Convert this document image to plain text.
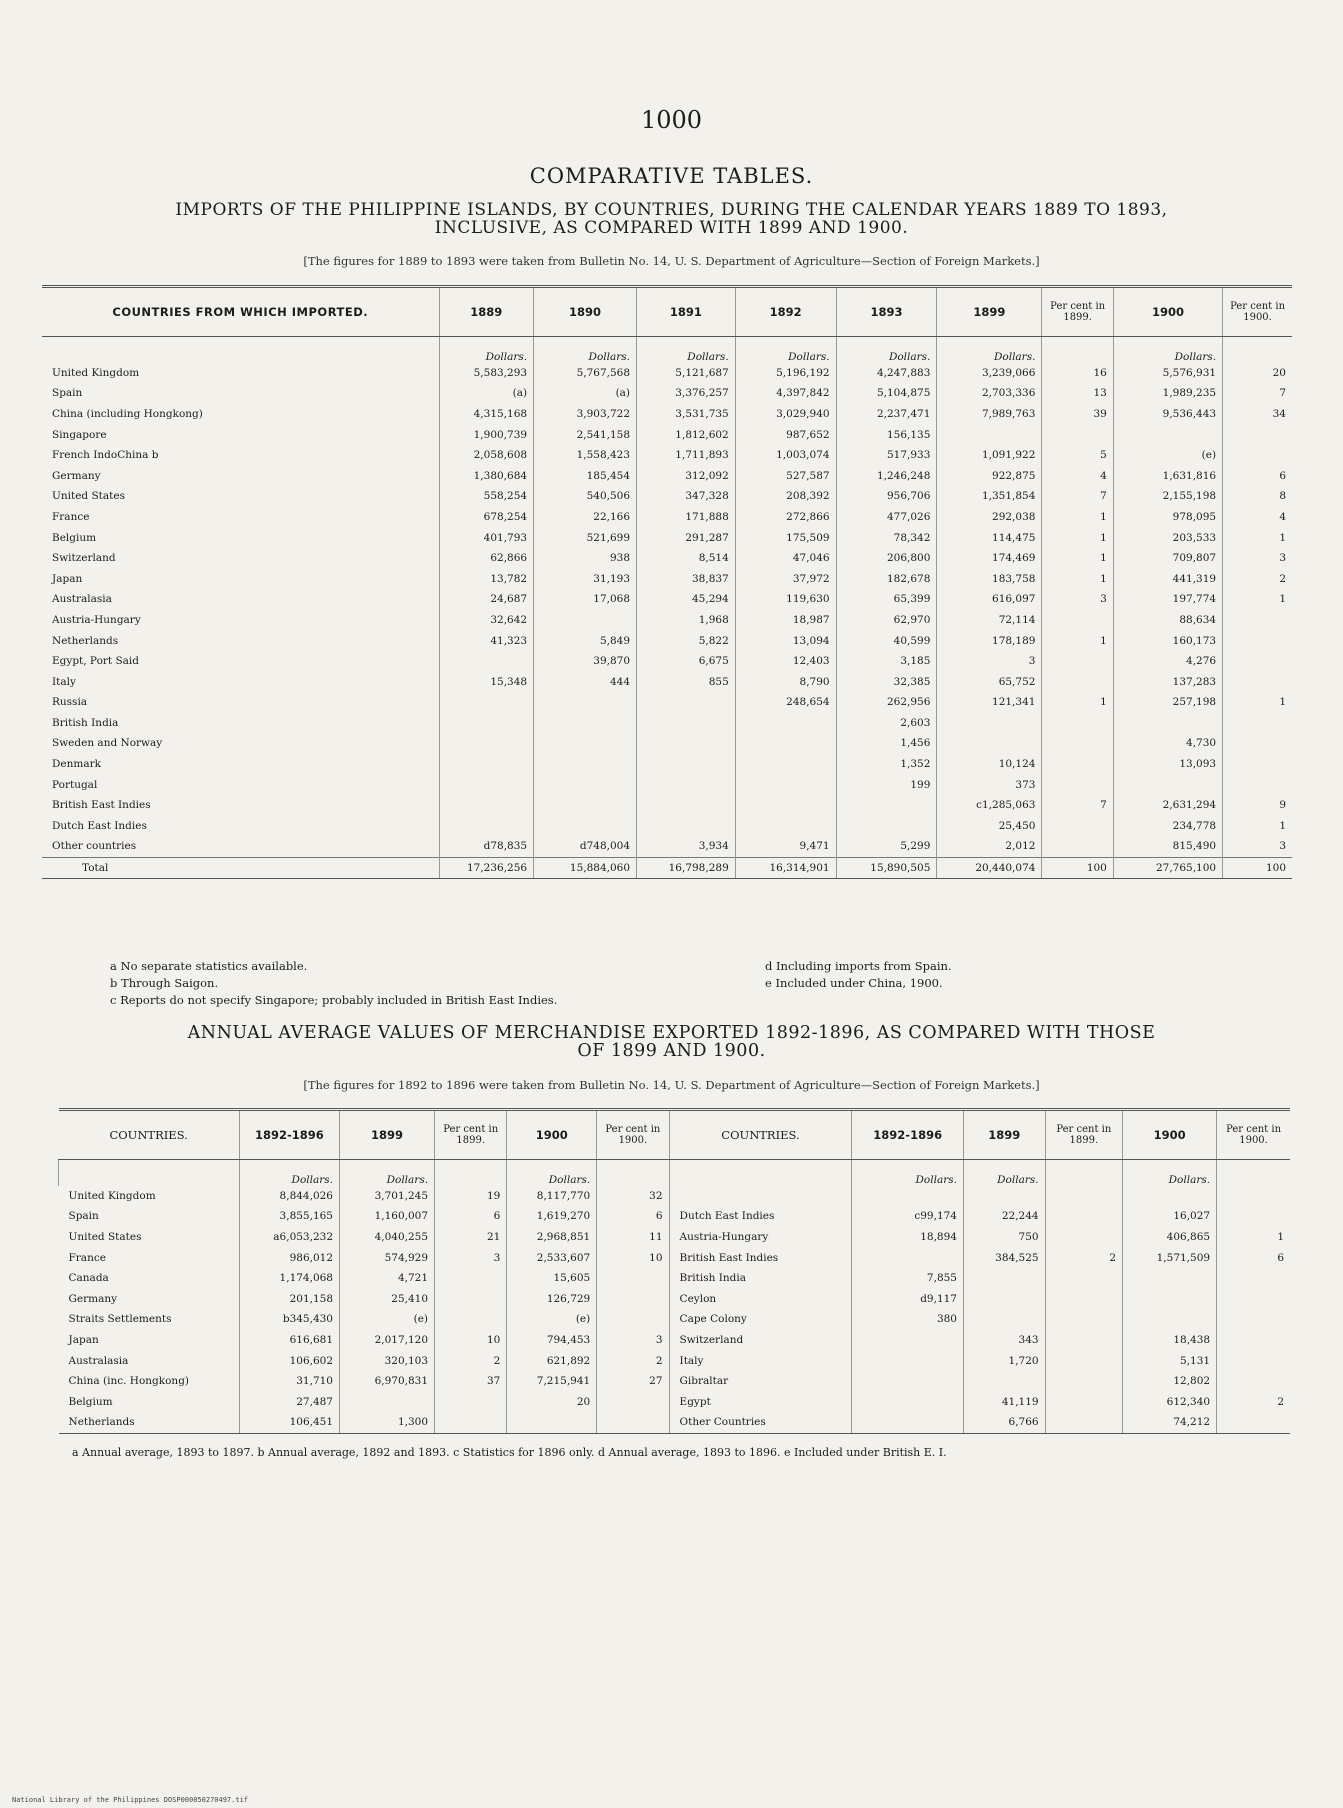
1000
COMPARATIVE TABLES.
IMPORTS OF THE PHILIPPINE ISLANDS, BY COUNTRIES, DURING THE CALENDAR YEARS 1889 TO 1893,
INCLUSIVE, AS COMPARED WITH 1899 AND 1900.
[The figures for 1889 to 1893 were taken from Bulletin No. 14, U. S. Department of Agriculture—Section of Foreign Markets.]
COUNTRIES FROM WHICH IMPORTED.	1889	1890	1891	1892	1893	1899	Per cent in 1899.	1900	Per cent in 1900.
	Dollars.	Dollars.	Dollars.	Dollars.	Dollars.	Dollars.		Dollars.	
United Kingdom	5,583,293	5,767,568	5,121,687	5,196,192	4,247,883	3,239,066	16	5,576,931	20
Spain	(a)	(a)	3,376,257	4,397,842	5,104,875	2,703,336	13	1,989,235	7
China (including Hongkong)	4,315,168	3,903,722	3,531,735	3,029,940	2,237,471	7,989,763	39	9,536,443	34
Singapore	1,900,739	2,541,158	1,812,602	987,652	156,135				
French IndoChina b	2,058,608	1,558,423	1,711,893	1,003,074	517,933	1,091,922	5	(e)	
Germany	1,380,684	185,454	312,092	527,587	1,246,248	922,875	4	1,631,816	6
United States	558,254	540,506	347,328	208,392	956,706	1,351,854	7	2,155,198	8
France	678,254	22,166	171,888	272,866	477,026	292,038	1	978,095	4
Belgium	401,793	521,699	291,287	175,509	78,342	114,475	1	203,533	1
Switzerland	62,866	938	8,514	47,046	206,800	174,469	1	709,807	3
Japan	13,782	31,193	38,837	37,972	182,678	183,758	1	441,319	2
Australasia	24,687	17,068	45,294	119,630	65,399	616,097	3	197,774	1
Austria-Hungary	32,642		1,968	18,987	62,970	72,114		88,634	
Netherlands	41,323	5,849	5,822	13,094	40,599	178,189	1	160,173	
Egypt, Port Said		39,870	6,675	12,403	3,185	3		4,276	
Italy	15,348	444	855	8,790	32,385	65,752		137,283	
Russia				248,654	262,956	121,341	1	257,198	1
British India					2,603				
Sweden and Norway					1,456			4,730	
Denmark					1,352	10,124		13,093	
Portugal					199	373			
British East Indies						c1,285,063	7	2,631,294	9
Dutch East Indies						25,450		234,778	1
Other countries	d78,835	d748,004	3,934	9,471	5,299	2,012		815,490	3
Total	17,236,256	15,884,060	16,798,289	16,314,901	15,890,505	20,440,074	100	27,765,100	100
a No separate statistics available.
b Through Saigon.
c Reports do not specify Singapore; probably included in British East Indies.
d Including imports from Spain.
e Included under China, 1900.
ANNUAL AVERAGE VALUES OF MERCHANDISE EXPORTED 1892-1896, AS COMPARED WITH THOSE
OF 1899 AND 1900.
[The figures for 1892 to 1896 were taken from Bulletin No. 14, U. S. Department of Agriculture—Section of Foreign Markets.]
COUNTRIES.	1892-1896	1899	Per cent in 1899.	1900	Per cent in 1900.	COUNTRIES.	1892-1896	1899	Per cent in 1899.	1900	Per cent in 1900.
	Dollars.	Dollars.		Dollars.			Dollars.	Dollars.		Dollars.	
United Kingdom	8,844,026	3,701,245	19	8,117,770	32						
Spain	3,855,165	1,160,007	6	1,619,270	6	Dutch East Indies	c99,174	22,244		16,027	
United States	a6,053,232	4,040,255	21	2,968,851	11	Austria-Hungary	18,894	750		406,865	1
France	986,012	574,929	3	2,533,607	10	British East Indies		384,525	2	1,571,509	6
Canada	1,174,068	4,721		15,605		British India	7,855				
Germany	201,158	25,410		126,729		Ceylon	d9,117				
Straits Settlements	b345,430	(e)		(e)		Cape Colony	380				
Japan	616,681	2,017,120	10	794,453	3	Switzerland		343		18,438	
Australasia	106,602	320,103	2	621,892	2	Italy		1,720		5,131	
China (inc. Hongkong)	31,710	6,970,831	37	7,215,941	27	Gibraltar				12,802	
Belgium	27,487			20		Egypt		41,119		612,340	2
Netherlands	106,451	1,300				Other Countries		6,766		74,212	
a Annual average, 1893 to 1897. b Annual average, 1892 and 1893. c Statistics for 1896 only. d Annual average, 1893 to 1896. e Included under British E. I.
National Library of the Philippines DOSP000050270497.tif
